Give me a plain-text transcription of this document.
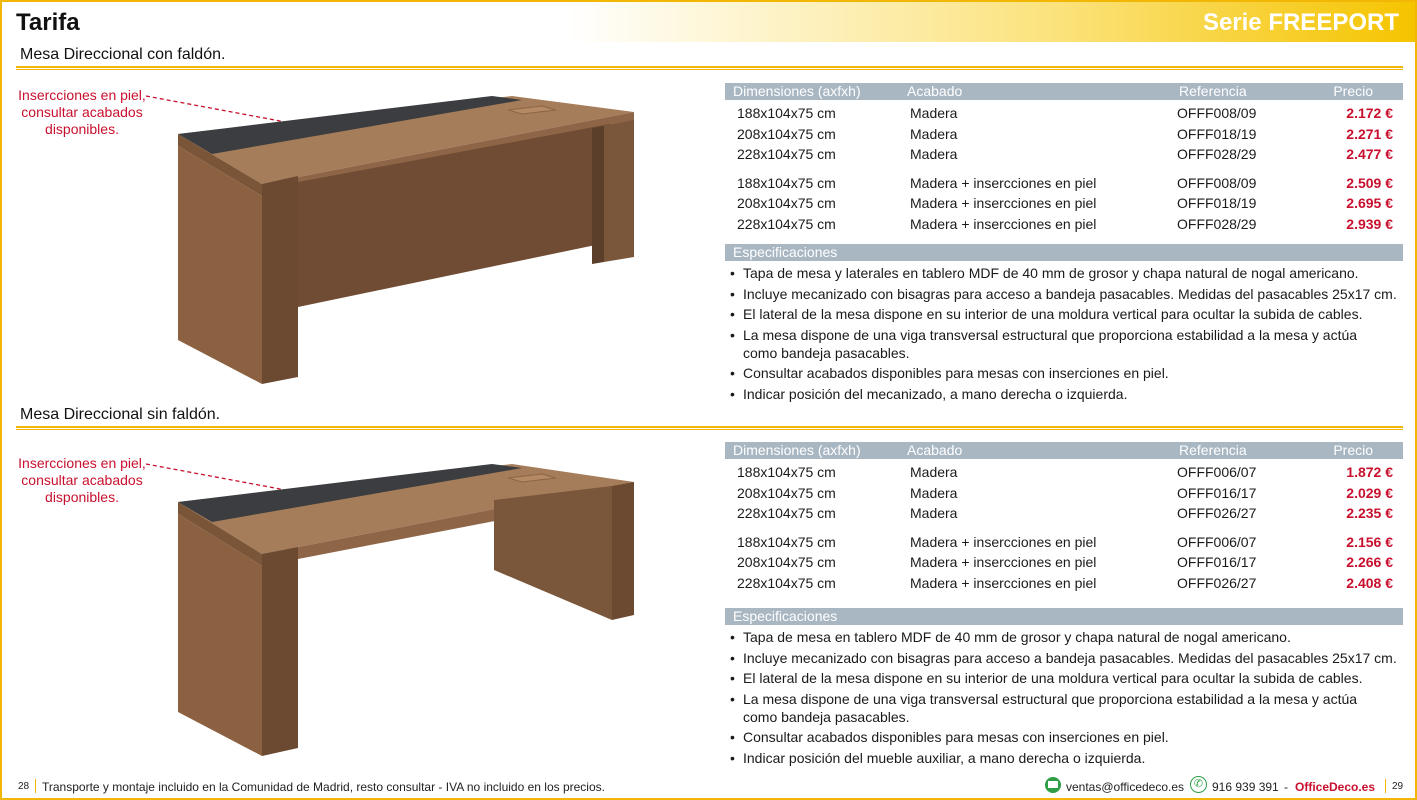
Tarifa	Serie FREEPORT
Mesa Direccional con faldón.
Insercciones en piel, consultar acabados disponibles.
Dimensiones (axfxh)	Acabado	Referencia	Precio
188x104x75 cm	Madera	OFFF008/09	2.172 €
208x104x75 cm	Madera	OFFF018/19	2.271 €
228x104x75 cm	Madera	OFFF028/29	2.477 €
188x104x75 cm	Madera + insercciones en piel	OFFF008/09	2.509 €
208x104x75 cm	Madera + insercciones en piel	OFFF018/19	2.695 €
228x104x75 cm	Madera + insercciones en piel	OFFF028/29	2.939 €
Especificaciones
• Tapa de mesa y laterales en tablero MDF de 40 mm de grosor y chapa natural de nogal americano.
• Incluye mecanizado con bisagras para acceso a bandeja pasacables. Medidas del pasacables 25x17 cm.
• El lateral de la mesa dispone en su interior de una moldura vertical para ocultar la subida de cables.
• La mesa dispone de una viga transversal estructural que proporciona estabilidad a la mesa y actúa como bandeja pasacables.
• Consultar acabados disponibles para mesas con inserciones en piel.
• Indicar posición del mecanizado, a mano derecha o izquierda.
Mesa Direccional sin faldón.
Insercciones en piel, consultar acabados disponibles.
Dimensiones (axfxh)	Acabado	Referencia	Precio
188x104x75 cm	Madera	OFFF006/07	1.872 €
208x104x75 cm	Madera	OFFF016/17	2.029 €
228x104x75 cm	Madera	OFFF026/27	2.235 €
188x104x75 cm	Madera + insercciones en piel	OFFF006/07	2.156 €
208x104x75 cm	Madera + insercciones en piel	OFFF016/17	2.266 €
228x104x75 cm	Madera + insercciones en piel	OFFF026/27	2.408 €
Especificaciones
• Tapa de mesa en tablero MDF de 40 mm de grosor y chapa natural de nogal americano.
• Incluye mecanizado con bisagras para acceso a bandeja pasacables. Medidas del pasacables 25x17 cm.
• El lateral de la mesa dispone en su interior de una moldura vertical para ocultar la subida de cables.
• La mesa dispone de una viga transversal estructural que proporciona estabilidad a la mesa y actúa como bandeja pasacables.
• Consultar acabados disponibles para mesas con inserciones en piel.
• Indicar posición del mueble auxiliar, a mano derecha o izquierda.
28 Transporte y montaje incluido en la Comunidad de Madrid, resto consultar - IVA no incluido en los precios.	ventas@officedeco.es ✆ 916 939 391 - OfficeDeco.es 29
